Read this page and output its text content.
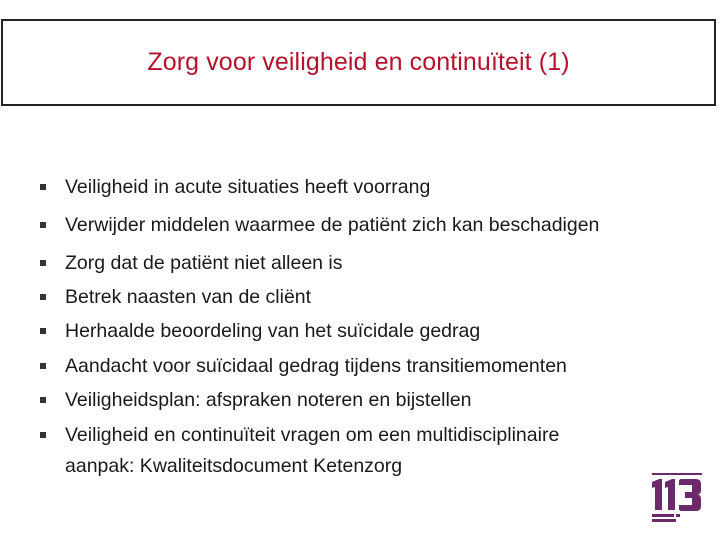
Zorg voor veiligheid en continuïteit (1)
Veiligheid in acute situaties heeft voorrang
Verwijder middelen waarmee de patiënt zich kan beschadigen
Zorg dat de patiënt niet alleen is
Betrek naasten van de cliënt
Herhaalde beoordeling van het suïcidale gedrag
Aandacht voor suïcidaal gedrag tijdens transitiemomenten
Veiligheidsplan: afspraken noteren en bijstellen
Veiligheid en continuïteit vragen om een multidisciplinaire
aanpak: Kwaliteitsdocument Ketenzorg
